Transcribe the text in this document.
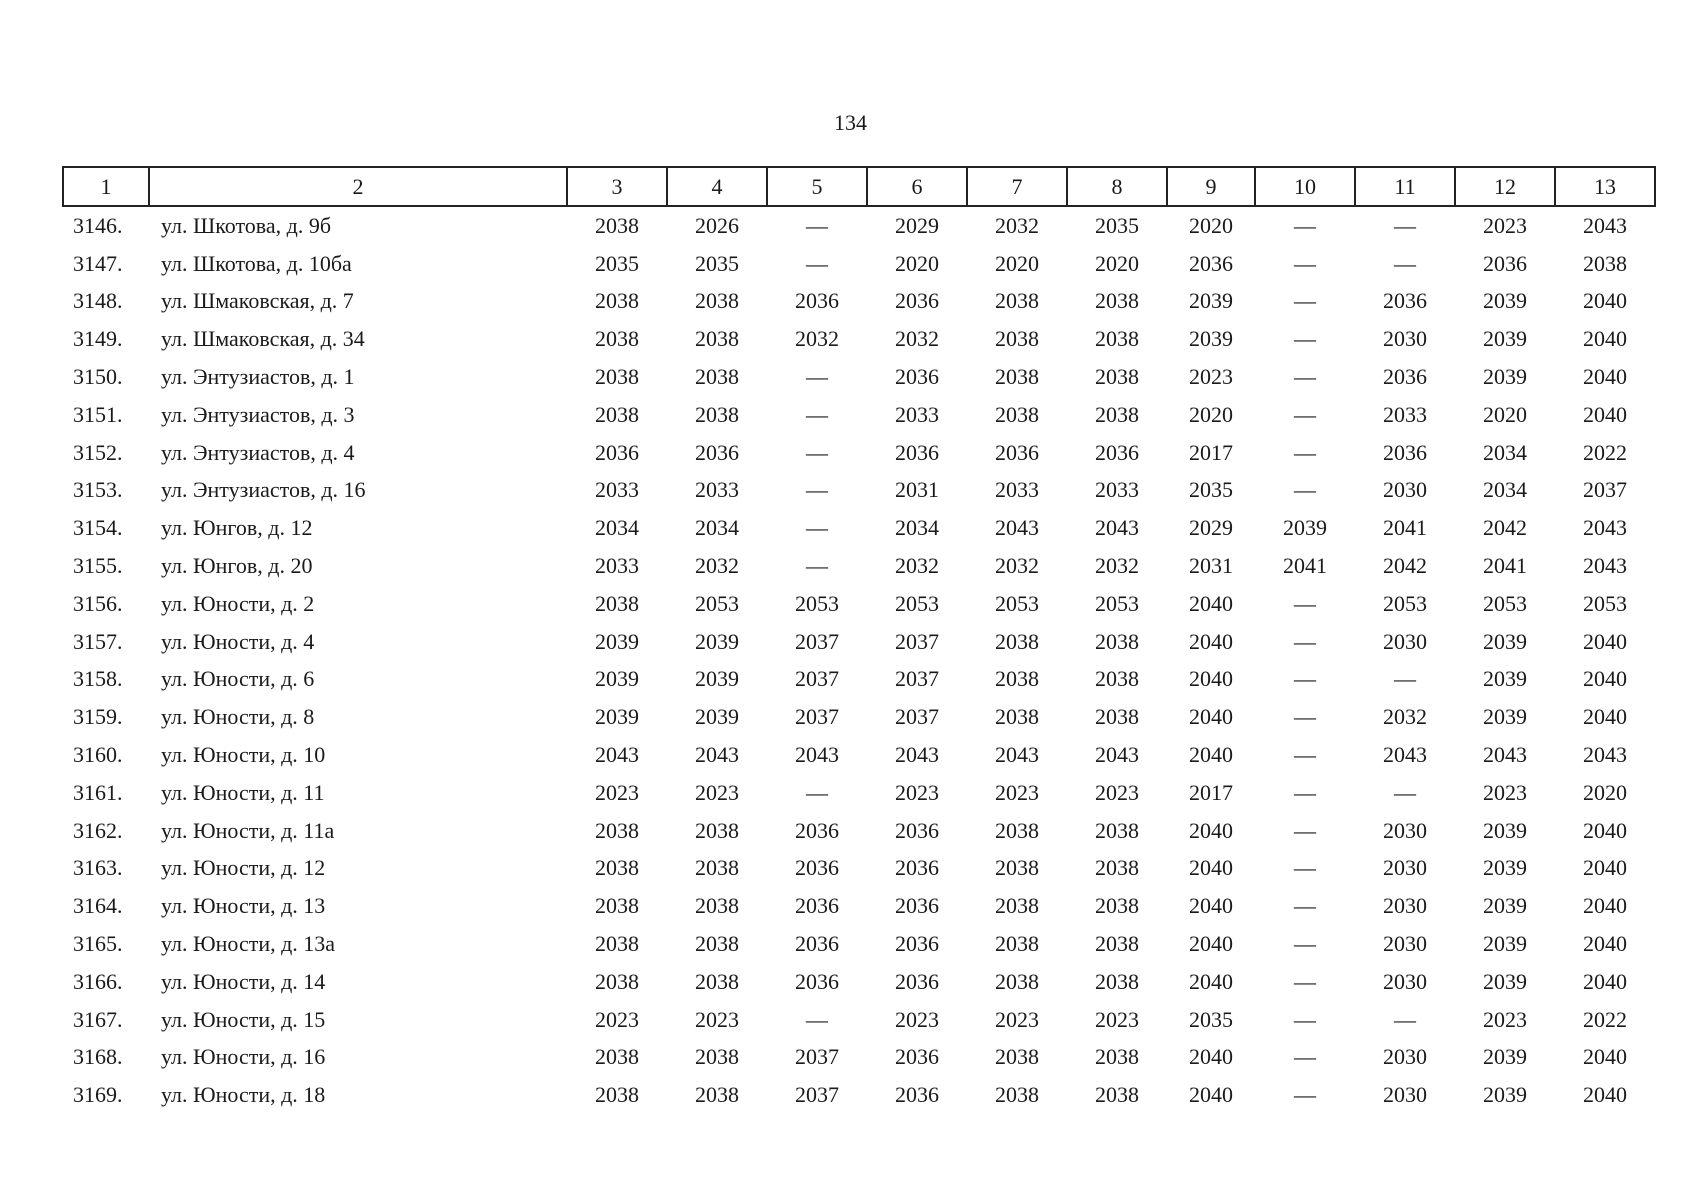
134
1	2	3	4	5	6	7	8	9	10	11	12	13
3146.	ул. Шкотова, д. 9б	2038	2026	—	2029	2032	2035	2020	—	—	2023	2043
3147.	ул. Шкотова, д. 10ба	2035	2035	—	2020	2020	2020	2036	—	—	2036	2038
3148.	ул. Шмаковская, д. 7	2038	2038	2036	2036	2038	2038	2039	—	2036	2039	2040
3149.	ул. Шмаковская, д. 34	2038	2038	2032	2032	2038	2038	2039	—	2030	2039	2040
3150.	ул. Энтузиастов, д. 1	2038	2038	—	2036	2038	2038	2023	—	2036	2039	2040
3151.	ул. Энтузиастов, д. 3	2038	2038	—	2033	2038	2038	2020	—	2033	2020	2040
3152.	ул. Энтузиастов, д. 4	2036	2036	—	2036	2036	2036	2017	—	2036	2034	2022
3153.	ул. Энтузиастов, д. 16	2033	2033	—	2031	2033	2033	2035	—	2030	2034	2037
3154.	ул. Юнгов, д. 12	2034	2034	—	2034	2043	2043	2029	2039	2041	2042	2043
3155.	ул. Юнгов, д. 20	2033	2032	—	2032	2032	2032	2031	2041	2042	2041	2043
3156.	ул. Юности, д. 2	2038	2053	2053	2053	2053	2053	2040	—	2053	2053	2053
3157.	ул. Юности, д. 4	2039	2039	2037	2037	2038	2038	2040	—	2030	2039	2040
3158.	ул. Юности, д. 6	2039	2039	2037	2037	2038	2038	2040	—	—	2039	2040
3159.	ул. Юности, д. 8	2039	2039	2037	2037	2038	2038	2040	—	2032	2039	2040
3160.	ул. Юности, д. 10	2043	2043	2043	2043	2043	2043	2040	—	2043	2043	2043
3161.	ул. Юности, д. 11	2023	2023	—	2023	2023	2023	2017	—	—	2023	2020
3162.	ул. Юности, д. 11а	2038	2038	2036	2036	2038	2038	2040	—	2030	2039	2040
3163.	ул. Юности, д. 12	2038	2038	2036	2036	2038	2038	2040	—	2030	2039	2040
3164.	ул. Юности, д. 13	2038	2038	2036	2036	2038	2038	2040	—	2030	2039	2040
3165.	ул. Юности, д. 13а	2038	2038	2036	2036	2038	2038	2040	—	2030	2039	2040
3166.	ул. Юности, д. 14	2038	2038	2036	2036	2038	2038	2040	—	2030	2039	2040
3167.	ул. Юности, д. 15	2023	2023	—	2023	2023	2023	2035	—	—	2023	2022
3168.	ул. Юности, д. 16	2038	2038	2037	2036	2038	2038	2040	—	2030	2039	2040
3169.	ул. Юности, д. 18	2038	2038	2037	2036	2038	2038	2040	—	2030	2039	2040
